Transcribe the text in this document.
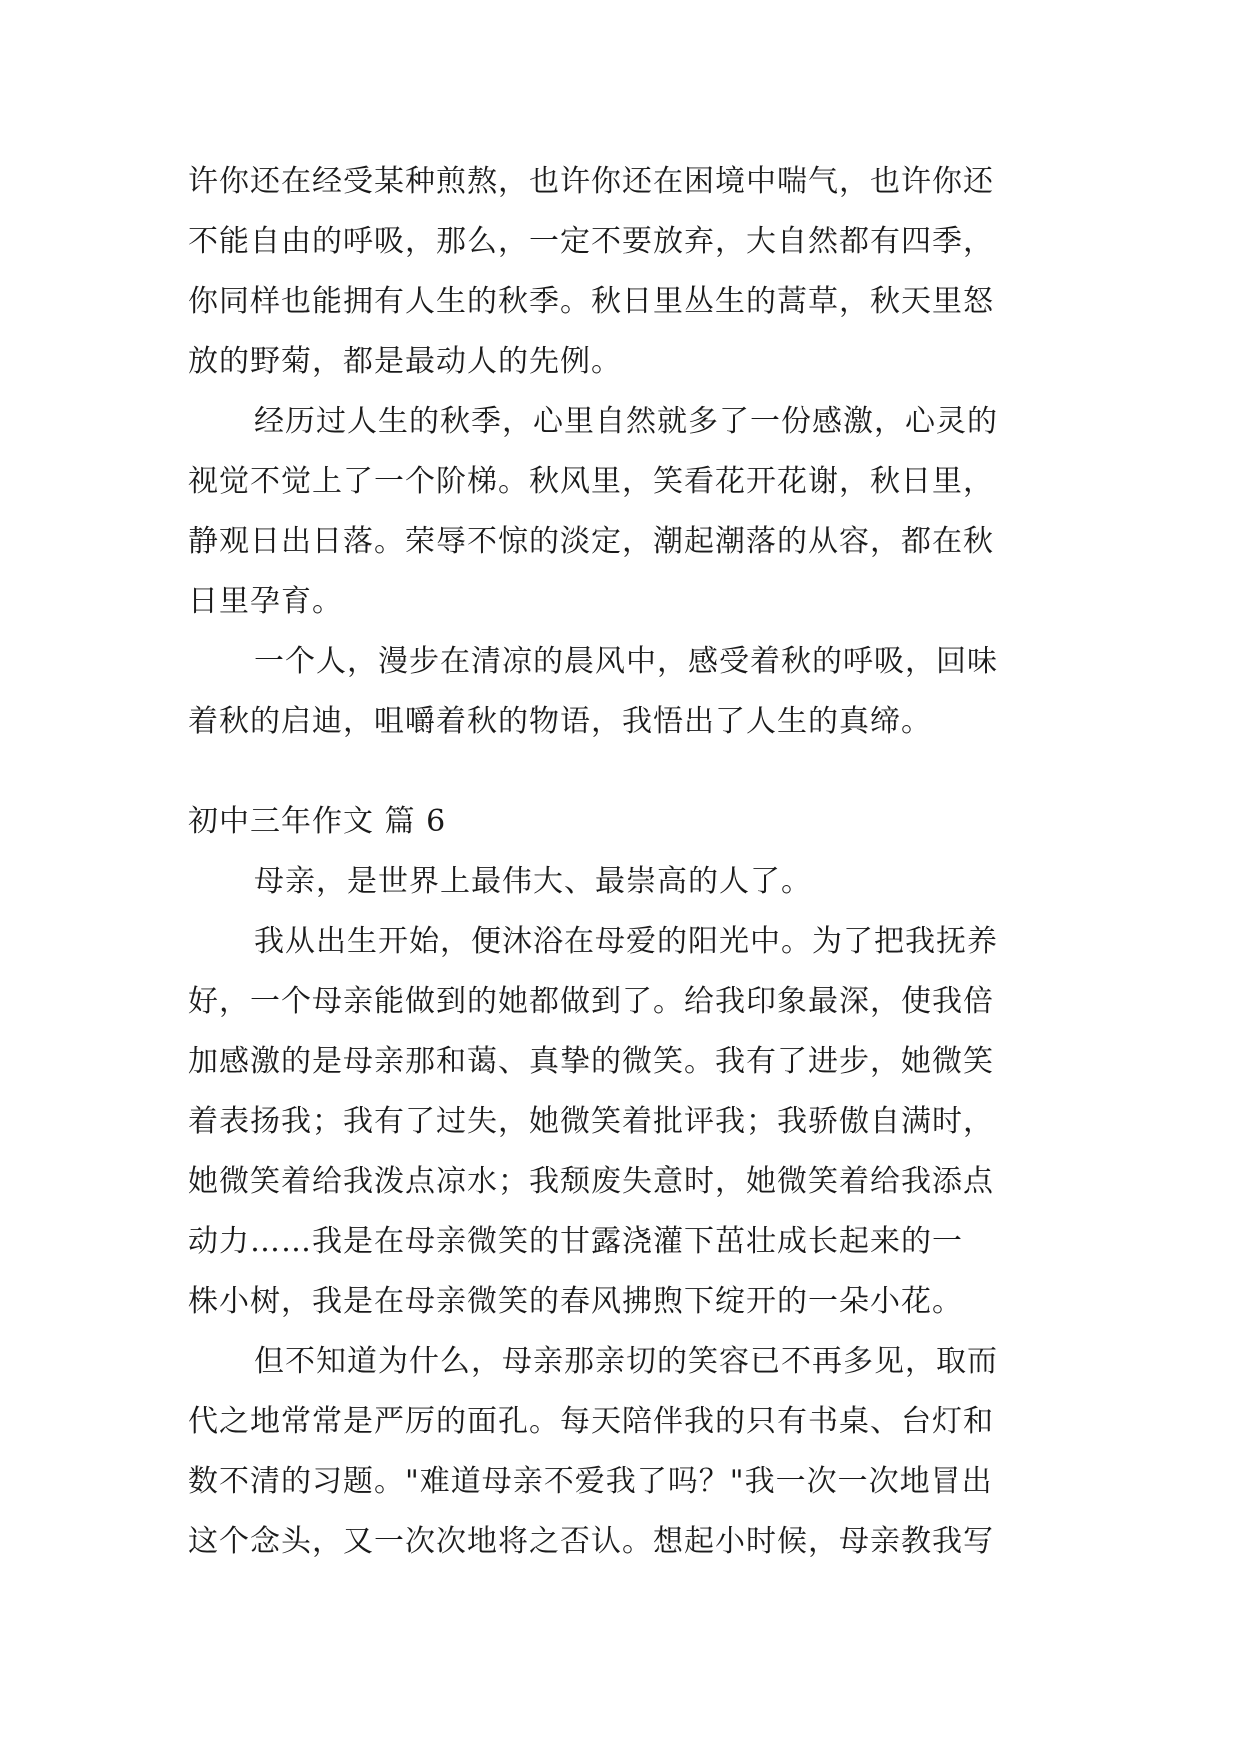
许你还在经受某种煎熬，也许你还在困境中喘气，也许你还
不能自由的呼吸，那么，一定不要放弃，大自然都有四季，
你同样也能拥有人生的秋季。秋日里丛生的蒿草，秋天里怒
放的野菊，都是最动人的先例。
经历过人生的秋季，心里自然就多了一份感激，心灵的
视觉不觉上了一个阶梯。秋风里，笑看花开花谢，秋日里，
静观日出日落。荣辱不惊的淡定，潮起潮落的从容，都在秋
日里孕育。
一个人，漫步在清凉的晨风中，感受着秋的呼吸，回味
着秋的启迪，咀嚼着秋的物语，我悟出了人生的真缔。
初中三年作文 篇 6
母亲，是世界上最伟大、最崇高的人了。
我从出生开始，便沐浴在母爱的阳光中。为了把我抚养
好，一个母亲能做到的她都做到了。给我印象最深，使我倍
加感激的是母亲那和蔼、真挚的微笑。我有了进步，她微笑
着表扬我；我有了过失，她微笑着批评我；我骄傲自满时，
她微笑着给我泼点凉水；我颓废失意时，她微笑着给我添点
动力……我是在母亲微笑的甘露浇灌下茁壮成长起来的一
株小树，我是在母亲微笑的春风拂煦下绽开的一朵小花。
但不知道为什么，母亲那亲切的笑容已不再多见，取而
代之地常常是严厉的面孔。每天陪伴我的只有书桌、台灯和
数不清的习题。"难道母亲不爱我了吗？"我一次一次地冒出
这个念头，又一次次地将之否认。想起小时候，母亲教我写
